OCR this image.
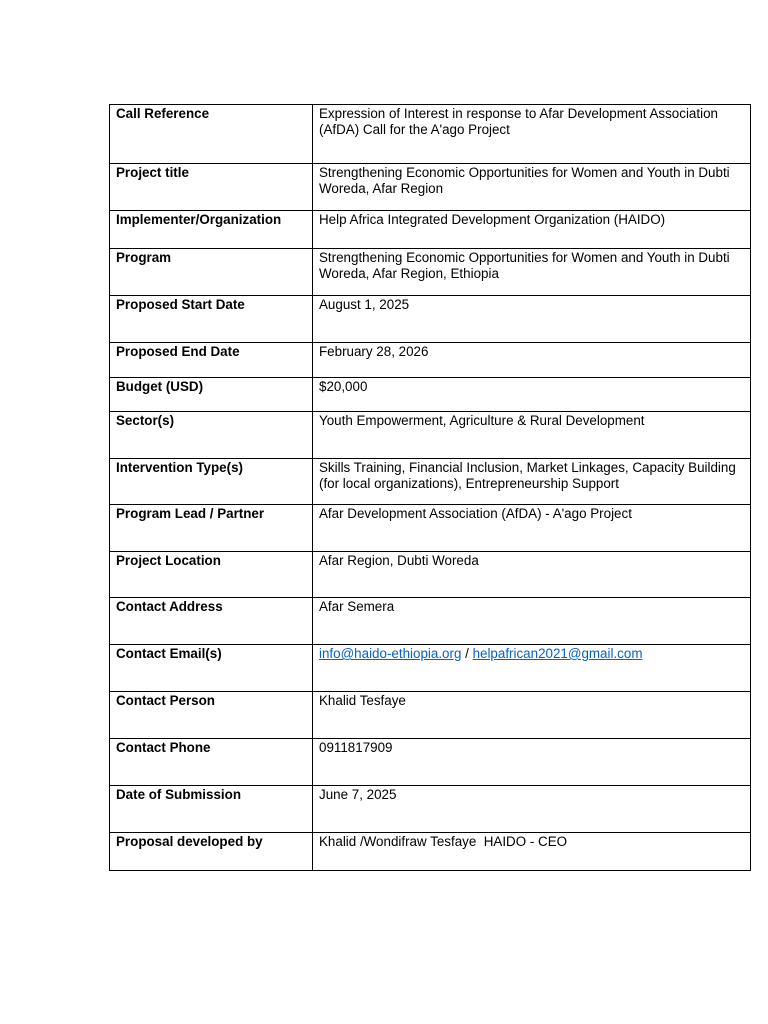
Call Reference	Expression of Interest in response to Afar Development Association (AfDA) Call for the A'ago Project

Project title	Strengthening Economic Opportunities for Women and Youth in Dubti Woreda, Afar Region

Implementer/Organization	Help Africa Integrated Development Organization (HAIDO)

Program	Strengthening Economic Opportunities for Women and Youth in Dubti Woreda, Afar Region, Ethiopia

Proposed Start Date	August 1, 2025

Proposed End Date	February 28, 2026

Budget (USD)	$20,000

Sector(s)	Youth Empowerment, Agriculture & Rural Development

Intervention Type(s)	Skills Training, Financial Inclusion, Market Linkages, Capacity Building (for local organizations), Entrepreneurship Support

Program Lead / Partner	Afar Development Association (AfDA) - A'ago Project

Project Location	Afar Region, Dubti Woreda

Contact Address	Afar Semera

Contact Email(s)	info@haido-ethiopia.org / helpafrican2021@gmail.com

Contact Person	Khalid Tesfaye

Contact Phone	0911817909

Date of Submission	June 7, 2025

Proposal developed by	Khalid /Wondifraw Tesfaye  HAIDO - CEO
